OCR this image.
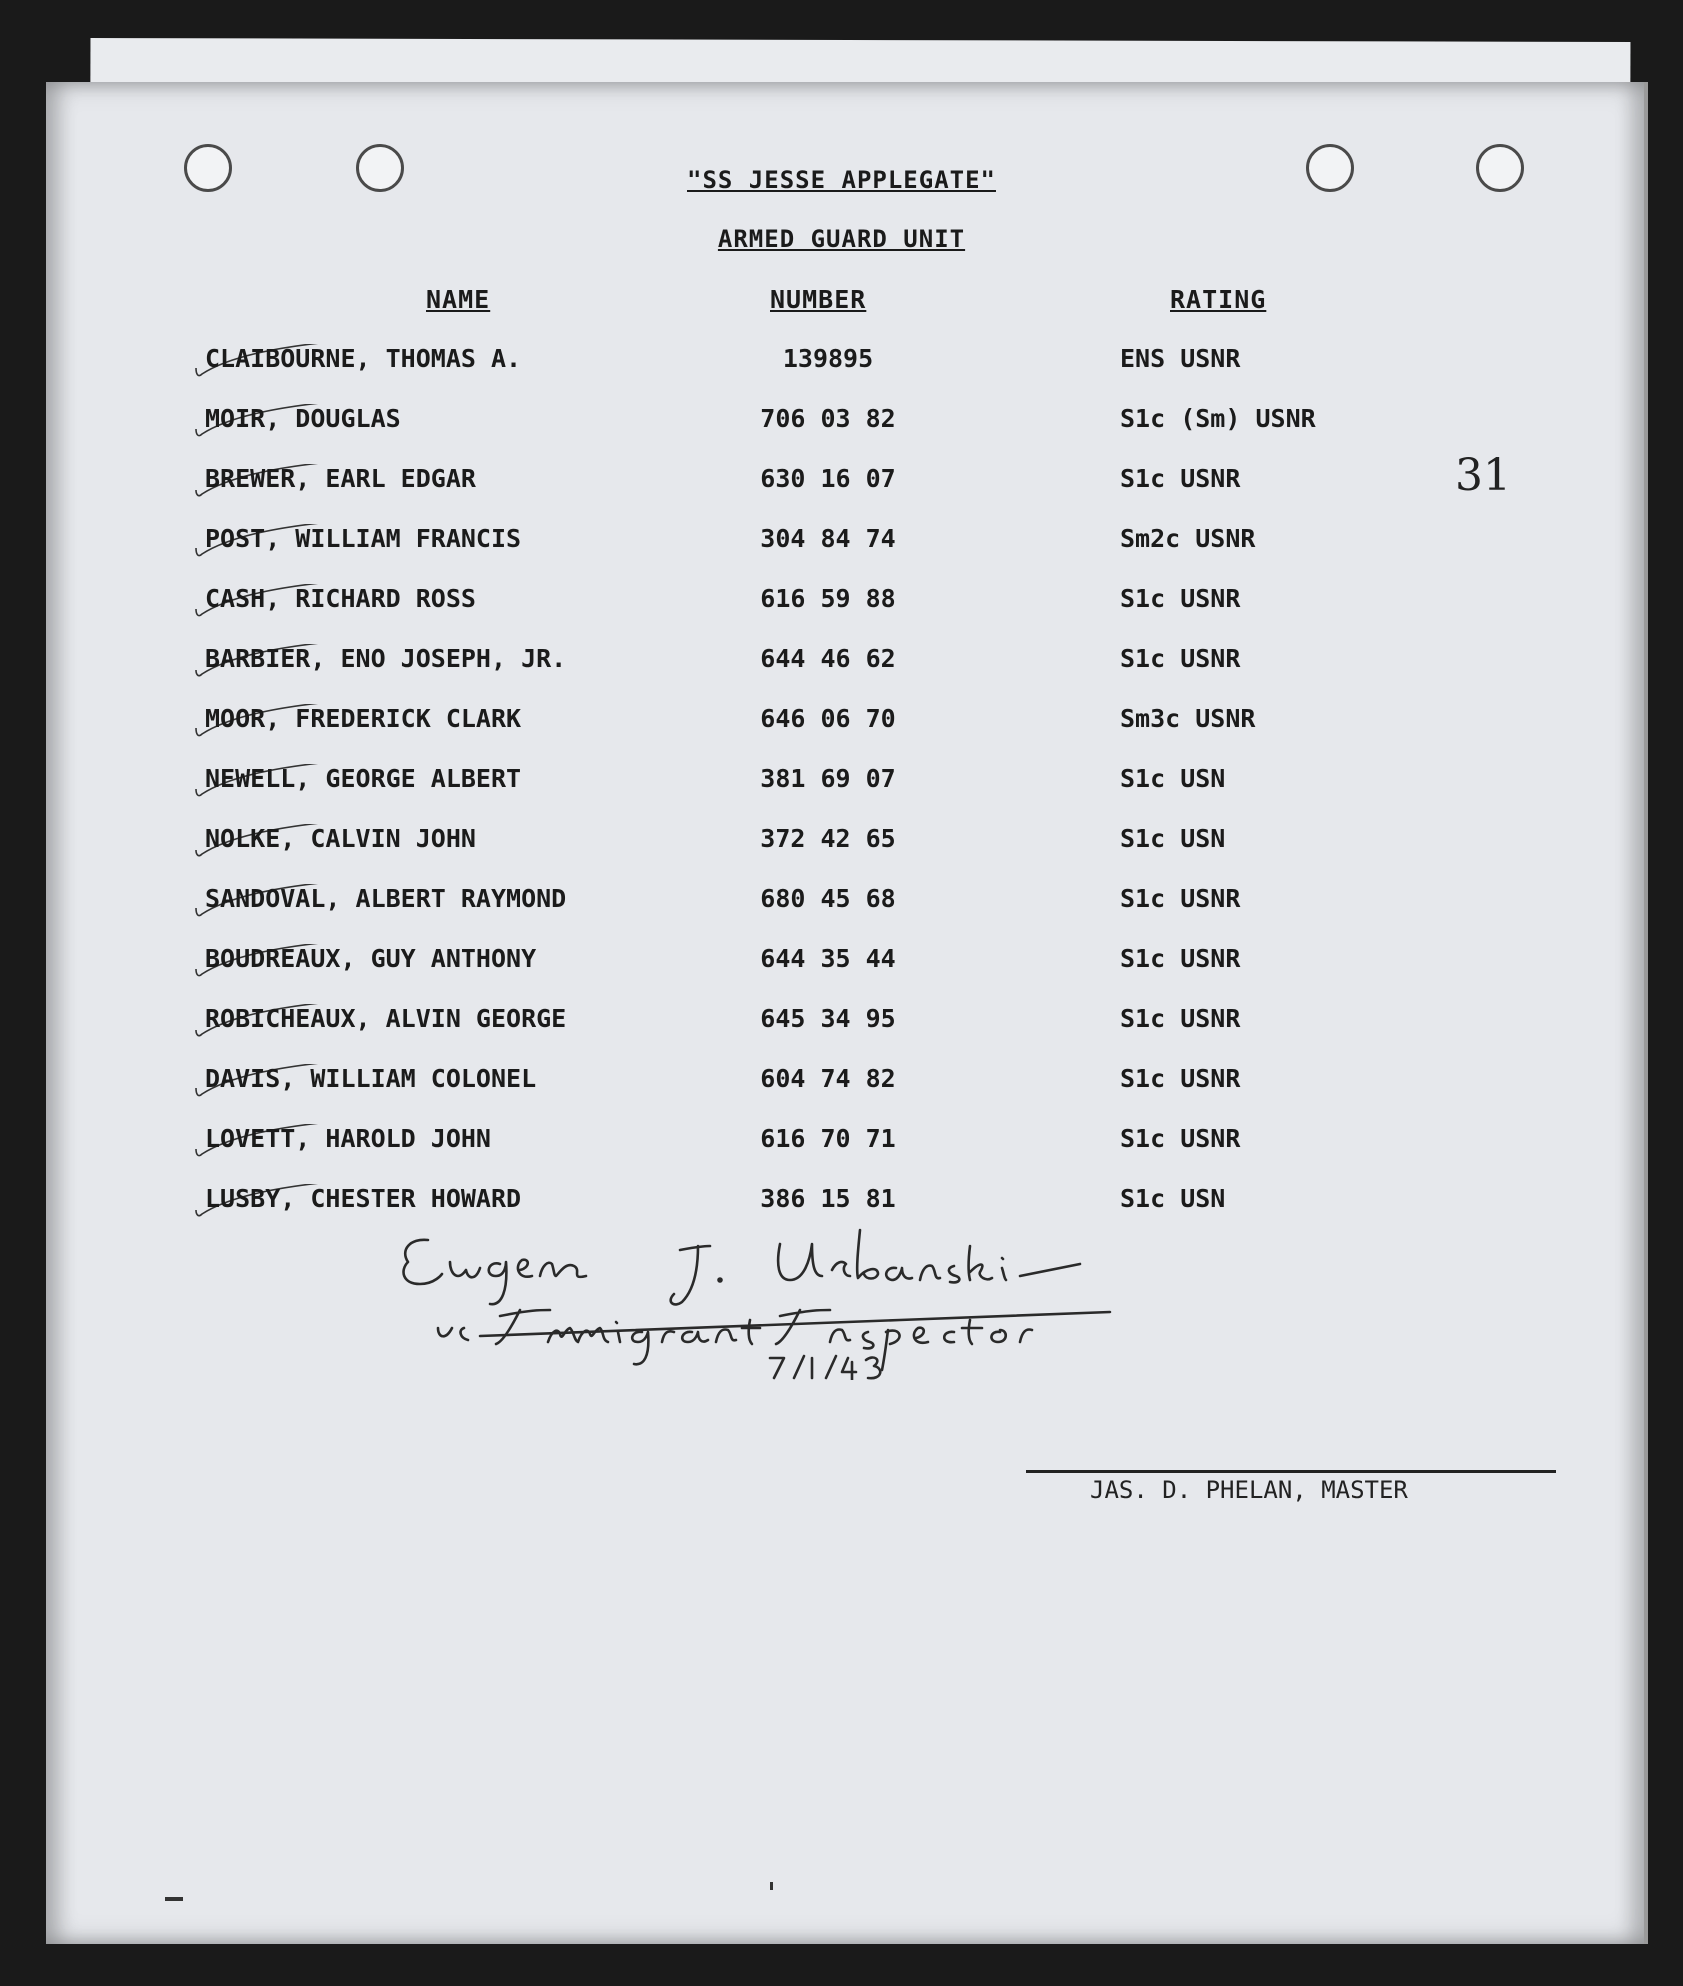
"SS JESSE APPLEGATE"
ARMED GUARD UNIT
NAME	NUMBER	RATING
31
CLAIBOURNE, THOMAS A.	139895	ENS USNR
MOIR, DOUGLAS	706 03 82	S1c (Sm) USNR
BREWER, EARL EDGAR	630 16 07	S1c USNR
POST, WILLIAM FRANCIS	304 84 74	Sm2c USNR
CASH, RICHARD ROSS	616 59 88	S1c USNR
BARBIER, ENO JOSEPH, JR.	644 46 62	S1c USNR
MOOR, FREDERICK CLARK	646 06 70	Sm3c USNR
NEWELL, GEORGE ALBERT	381 69 07	S1c USN
NOLKE, CALVIN JOHN	372 42 65	S1c USN
SANDOVAL, ALBERT RAYMOND	680 45 68	S1c USNR
BOUDREAUX, GUY ANTHONY	644 35 44	S1c USNR
ROBICHEAUX, ALVIN GEORGE	645 34 95	S1c USNR
DAVIS, WILLIAM COLONEL	604 74 82	S1c USNR
LOVETT, HAROLD JOHN	616 70 71	S1c USNR
LUSBY, CHESTER HOWARD	386 15 81	S1c USN
JAS. D. PHELAN, MASTER
